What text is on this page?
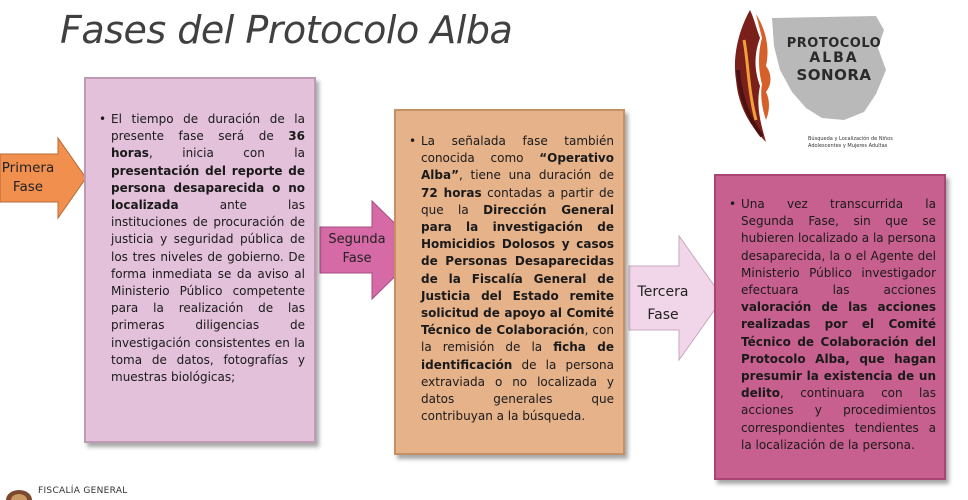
Fases del Protocolo Alba
Primera
Fase
Segunda
Fase
Tercera
Fase
• El tiempo de duración de la presente fase será de 36 horas, inicia con la presentación del reporte de persona desaparecida o no localizada ante las instituciones de procuración de justicia y seguridad pública de los tres niveles de gobierno. De forma inmediata se da aviso al Ministerio Público competente para la realización de las primeras diligencias de investigación consistentes en la toma de datos, fotografías y muestras biológicas;
• La señalada fase también conocida como “Operativo Alba”, tiene una duración de 72 horas contadas a partir de que la Dirección General para la investigación de Homicidios Dolosos y casos de Personas Desaparecidas de la Fiscalía General de Justicia del Estado remite solicitud de apoyo al Comité Técnico de Colaboración, con la remisión de la ficha de identificación de la persona extraviada o no localizada y datos generales que contribuyan a la búsqueda.
• Una vez transcurrida la Segunda Fase, sin que se hubieren localizado a la persona desaparecida, la o el Agente del Ministerio Público investigador efectuara las acciones valoración de las acciones realizadas por el Comité Técnico de Colaboración del Protocolo Alba, que hagan presumir la existencia de un delito, continuara con las acciones y procedimientos correspondientes tendientes a la localización de la persona.
PROTOCOLO
ALBA
SONORA
Búsqueda y Localización de Niños
Adolescentes y Mujeres Adultas
FISCALÍA GENERAL
